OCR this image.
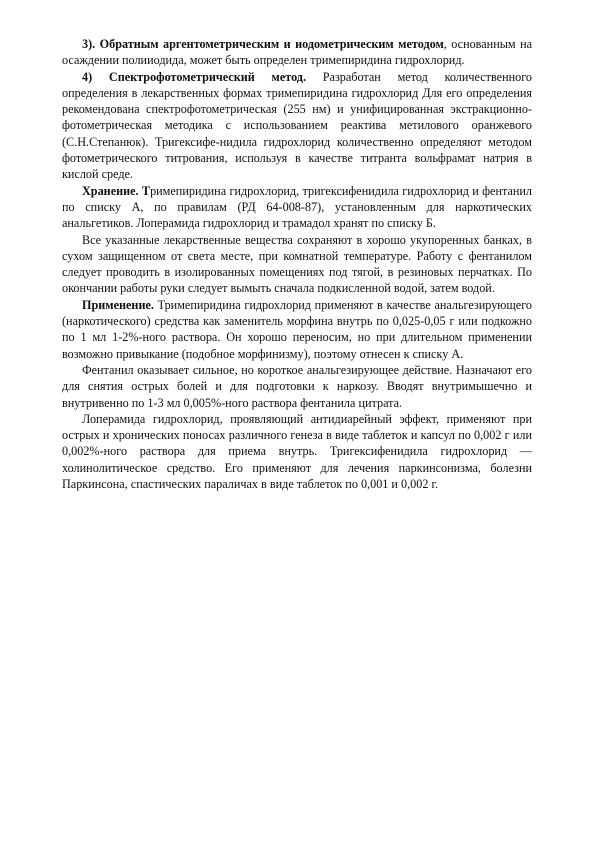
3). Обратным аргентометрическим и иодометрическим методом, основанным на осаждении полииодида, может быть определен тримепиридина гидрохлорид.

4) Спектрофотометрический метод. Разработан метод количественного определения в лекарственных формах тримепиридина гидрохлорид Для его определения рекомендована спектрофотометрическая (255 нм) и унифицированная экстракционно-фотометрическая методика с использованием реактива метилового оранжевого (С.Н.Степанюк). Тригексифе-нидила гидрохлорид количественно определяют методом фотометрического титрования, используя в качестве титранта вольфрамат натрия в кислой среде.

Хранение. Тримепиридина гидрохлорид, тригексифенидила гидрохлорид и фентанил по списку А, по правилам (РД 64-008-87), установленным для наркотических анальгетиков. Лоперамида гидрохлорид и трамадол хранят по списку Б.

Все указанные лекарственные вещества сохраняют в хорошо укупоренных банках, в сухом защищенном от света месте, при комнатной температуре. Работу с фентанилом следует проводить в изолированных помещениях под тягой, в резиновых перчатках. По окончании работы руки следует вымыть сначала подкисленной водой, затем водой.

Применение. Тримепиридина гидрохлорид применяют в качестве анальгезирующего (наркотического) средства как заменитель морфина внутрь по 0,025-0,05 г или подкожно по 1 мл 1-2%-ного раствора. Он хорошо переносим, но при длительном применении возможно привыкание (подобное морфинизму), поэтому отнесен к списку А.

Фентанил оказывает сильное, но короткое анальгезирующее действие. Назначают его для снятия острых болей и для подготовки к наркозу. Вводят внутримышечно и внутривенно по 1-3 мл 0,005%-ного раствора фентанила цитрата.

Лоперамида гидрохлорид, проявляющий антидиарейный эффект, применяют при острых и хронических поносах различного генеза в виде таблеток и капсул по 0,002 г или 0,002%-ного раствора для приема внутрь. Тригексифенидила гидрохлорид — холинолитическое средство. Его применяют для лечения паркинсонизма, болезни Паркинсона, спастических параличах в виде таблеток по 0,001 и 0,002 г.
